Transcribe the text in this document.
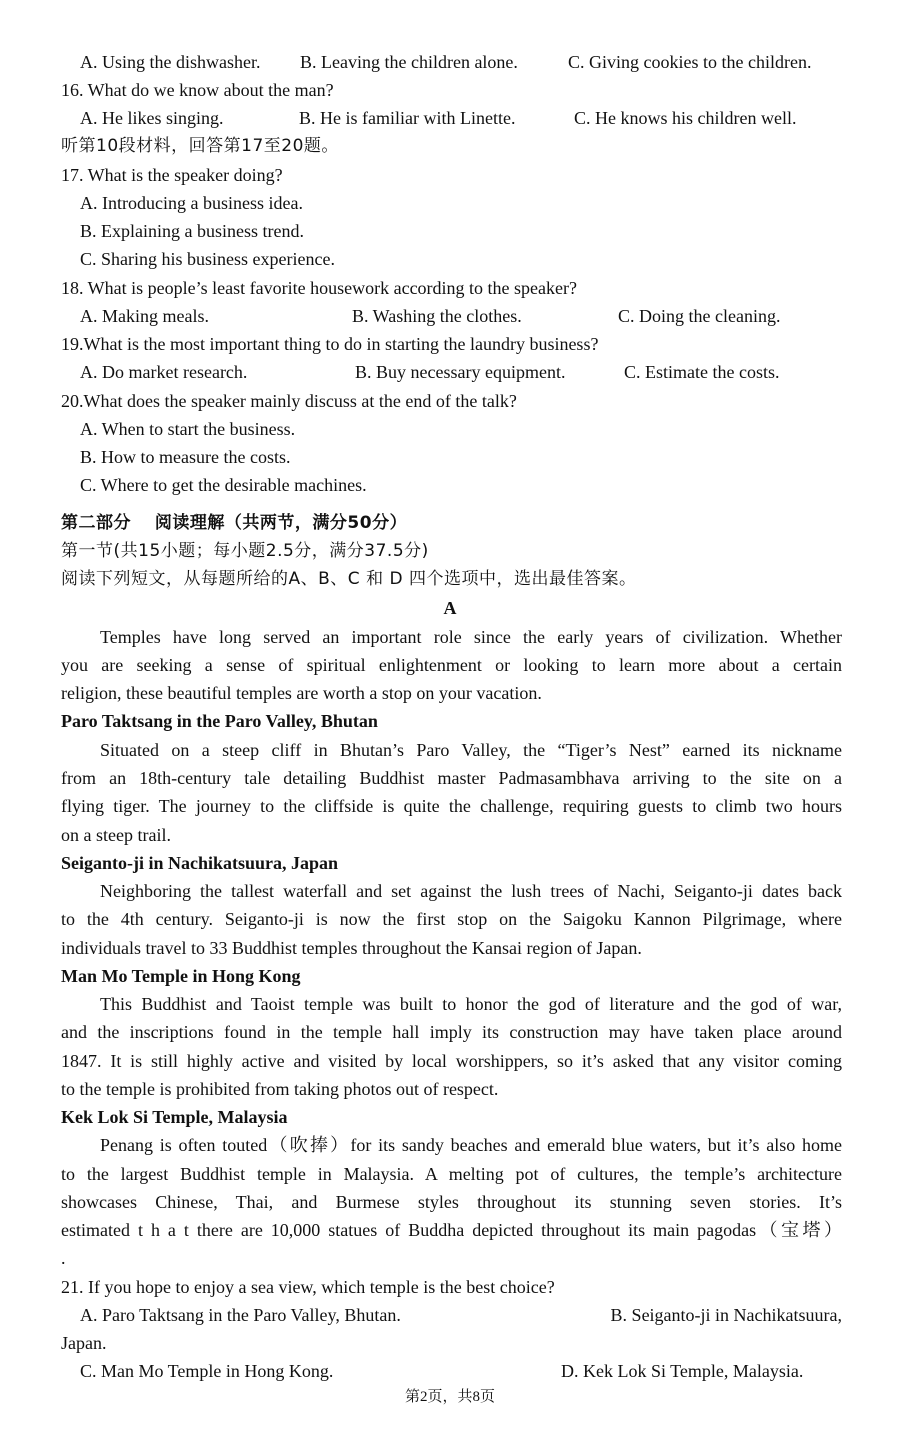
A. Using the dishwasher. B. Leaving the children alone.	C. Giving cookies to the children.
16. What do we know about the man?
A. He likes singing.	B. He is familiar with Linette.	C. He knows his children well.
听第10段材料，回答第17至20题。
17. What is the speaker doing?
A. Introducing a business idea.
B. Explaining a business trend.
C. Sharing his business experience.
18. What is people’s least favorite housework according to the speaker?
A. Making meals.	B. Washing the clothes.	C. Doing the cleaning.
19.What is the most important thing to do in starting the laundry business?
A. Do market research.	B. Buy necessary equipment.	C. Estimate the costs.
20.What does the speaker mainly discuss at the end of the talk?
A. When to start the business.
B. How to measure the costs.
C. Where to get the desirable machines.
第二部分　 阅读理解（共两节，满分50分）
第一节(共15小题；每小题2.5分，满分37.5分)
阅读下列短文，从每题所给的A、B、C 和 D 四个选项中，选出最佳答案。
A
Temples have long served an important role since the early years of civilization. Whether
you are seeking a sense of spiritual enlightenment or looking to learn more about a certain
religion, these beautiful temples are worth a stop on your vacation.
Paro Taktsang in the Paro Valley, Bhutan
Situated on a steep cliff in Bhutan’s Paro Valley, the “Tiger’s Nest” earned its nickname
from an 18th-century tale detailing Buddhist master Padmasambhava arriving to the site on a
flying tiger. The journey to the cliffside is quite the challenge, requiring guests to climb two hours
on a steep trail.
Seiganto-ji in Nachikatsuura, Japan
Neighboring the tallest waterfall and set against the lush trees of Nachi, Seiganto-ji dates back
to the 4th century. Seiganto-ji is now the first stop on the Saigoku Kannon Pilgrimage, where
individuals travel to 33 Buddhist temples throughout the Kansai region of Japan.
Man Mo Temple in Hong Kong
This Buddhist and Taoist temple was built to honor the god of literature and the god of war,
and the inscriptions found in the temple hall imply its construction may have taken place around
1847. It is still highly active and visited by local worshippers, so it’s asked that any visitor coming
to the temple is prohibited from taking photos out of respect.
Kek Lok Si Temple, Malaysia
Penang is often touted（吹捧）for its sandy beaches and emerald blue waters, but it’s also home
to the largest Buddhist temple in Malaysia. A melting pot of cultures, the temple’s architecture
showcases Chinese, Thai, and Burmese styles throughout its stunning seven stories. It’s
estimated t h a t there are 10,000 statues of Buddha depicted throughout its main pagodas（宝塔）
.
21. If you hope to enjoy a sea view, which temple is the best choice?
A. Paro Taktsang in the Paro Valley, Bhutan.	B. Seiganto-ji in Nachikatsuura,
Japan.
C. Man Mo Temple in Hong Kong.	D. Kek Lok Si Temple, Malaysia.
第2页，共8页
